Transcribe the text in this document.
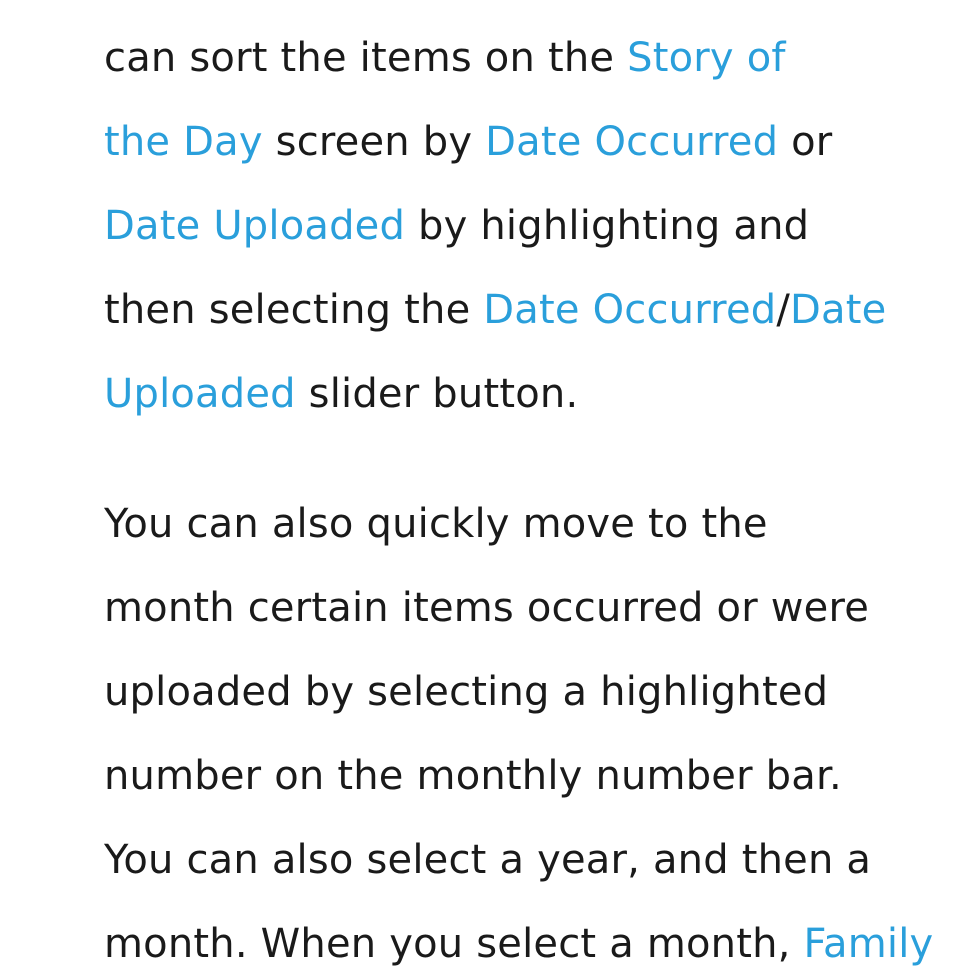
can sort the items on the Story of
the Day screen by Date Occurred or
Date Uploaded by highlighting and
then selecting the Date Occurred/Date
Uploaded slider button.
You can also quickly move to the
month certain items occurred or were
uploaded by selecting a highlighted
number on the monthly number bar.
You can also select a year, and then a
month. When you select a month, Family
